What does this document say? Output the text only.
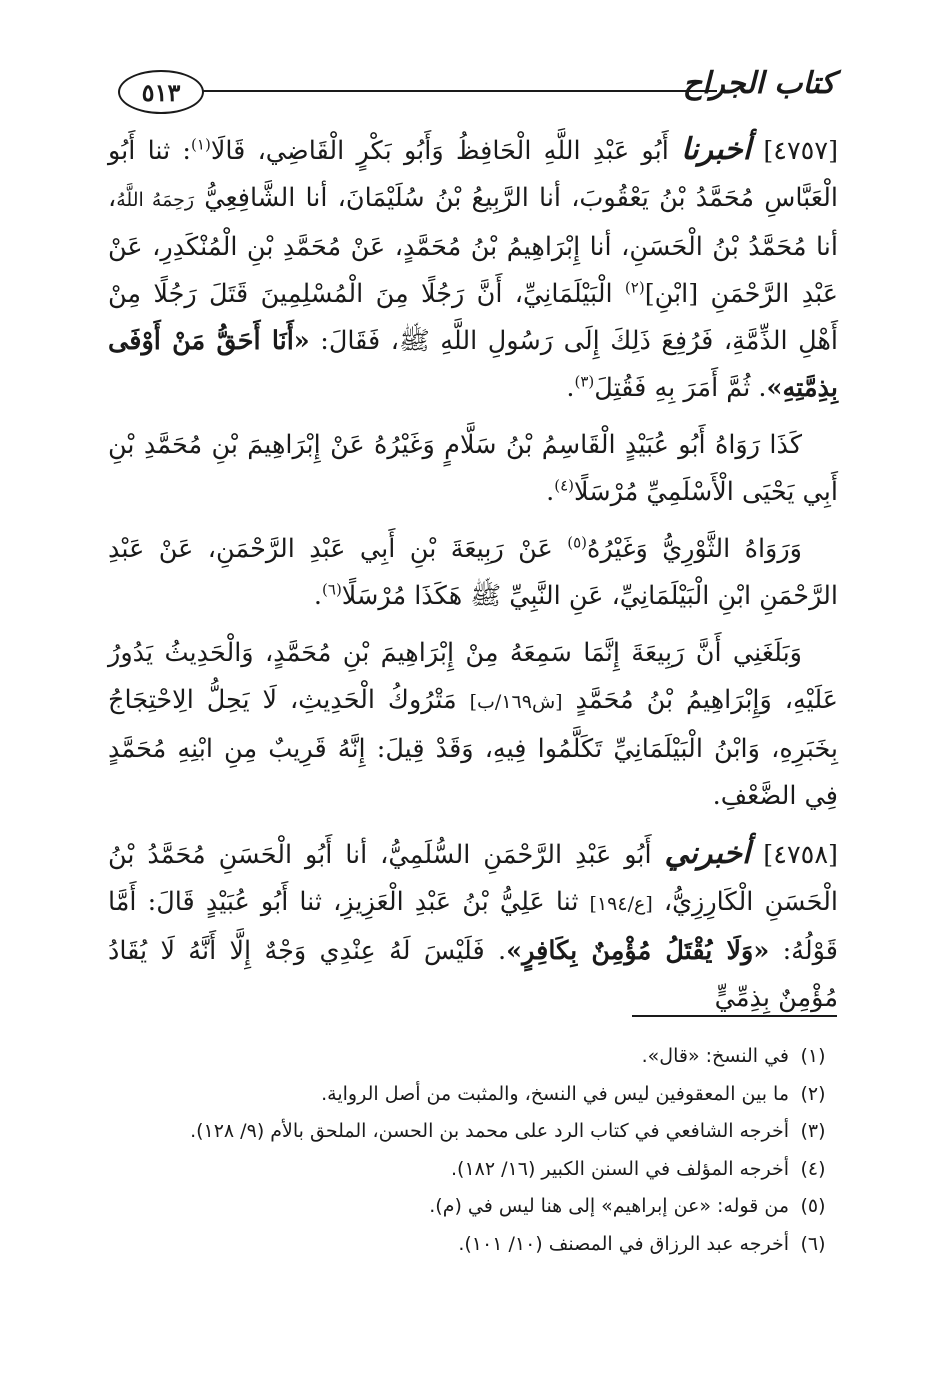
كتاب الجراح
٥١٣

[٤٧٥٧] أخبرنا أَبُو عَبْدِ اللَّهِ الْحَافِظُ وَأَبُو بَكْرٍ الْقَاضِي، قَالَا$^{(١)}$: ثنا أَبُو الْعَبَّاسِ مُحَمَّدُ بْنُ يَعْقُوبَ، أنا الرَّبِيعُ بْنُ سُلَيْمَانَ، أنا الشَّافِعِيُّ رَحِمَهُ اللَّهُ، أنا مُحَمَّدُ بْنُ الْحَسَنِ، أنا إِبْرَاهِيمُ بْنُ مُحَمَّدٍ، عَنْ مُحَمَّدِ بْنِ الْمُنْكَدِرِ، عَنْ عَبْدِ الرَّحْمَنِ [ابْنِ]$^{(٢)}$ الْبَيْلَمَانِيِّ، أَنَّ رَجُلًا مِنَ الْمُسْلِمِينَ قَتَلَ رَجُلًا مِنْ أَهْلِ الذِّمَّةِ، فَرُفِعَ ذَلِكَ إِلَى رَسُولِ اللَّهِ ﷺ، فَقَالَ: «أَنَا أَحَقُّ مَنْ أَوْفَى بِذِمَّتِهِ». ثُمَّ أَمَرَ بِهِ فَقُتِلَ$^{(٣)}$.

كَذَا رَوَاهُ أَبُو عُبَيْدٍ الْقَاسِمُ بْنُ سَلَّامٍ وَغَيْرُهُ عَنْ إِبْرَاهِيمَ بْنِ مُحَمَّدِ بْنِ أَبِي يَحْيَى الْأَسْلَمِيِّ مُرْسَلًا$^{(٤)}$.

وَرَوَاهُ الثَّوْرِيُّ وَغَيْرُهُ$^{(٥)}$ عَنْ رَبِيعَةَ بْنِ أَبِي عَبْدِ الرَّحْمَنِ، عَنْ عَبْدِ الرَّحْمَنِ ابْنِ الْبَيْلَمَانِيِّ، عَنِ النَّبِيِّ ﷺ هَكَذَا مُرْسَلًا$^{(٦)}$.

وَبَلَغَنِي أَنَّ رَبِيعَةَ إِنَّمَا سَمِعَهُ مِنْ إِبْرَاهِيمَ بْنِ مُحَمَّدٍ، وَالْحَدِيثُ يَدُورُ عَلَيْهِ، وَإِبْرَاهِيمُ بْنُ مُحَمَّدٍ [ش١٦٩/ب] مَتْرُوكُ الْحَدِيثِ، لَا يَحِلُّ الِاحْتِجَاجُ بِخَبَرِهِ، وَابْنُ الْبَيْلَمَانِيِّ تَكَلَّمُوا فِيهِ، وَقَدْ قِيلَ: إِنَّهُ قَرِيبٌ مِنِ ابْنِهِ مُحَمَّدٍ فِي الضَّعْفِ.

[٤٧٥٨] أخبرني أَبُو عَبْدِ الرَّحْمَنِ السُّلَمِيُّ، أنا أَبُو الْحَسَنِ مُحَمَّدُ بْنُ الْحَسَنِ الْكَارِزِيُّ، [ع/١٩٤] ثنا عَلِيُّ بْنُ عَبْدِ الْعَزِيزِ، ثنا أَبُو عُبَيْدٍ قَالَ: أَمَّا قَوْلُهُ: «وَلَا يُقْتَلُ مُؤْمِنٌ بِكَافِرٍ». فَلَيْسَ لَهُ عِنْدِي وَجْهٌ إِلَّا أَنَّهُ لَا يُقَادُ مُؤْمِنٌ بِذِمِّيٍّ

(١)في النسخ: «قال».
(٢)ما بين المعقوفين ليس في النسخ، والمثبت من أصل الرواية.
(٣)أخرجه الشافعي في كتاب الرد على محمد بن الحسن، الملحق بالأم (٩/ ١٢٨).
(٤)أخرجه المؤلف في السنن الكبير (١٦/ ١٨٢).
(٥)من قوله: «عن إبراهيم» إلى هنا ليس في (م).
(٦)أخرجه عبد الرزاق في المصنف (١٠/ ١٠١).
